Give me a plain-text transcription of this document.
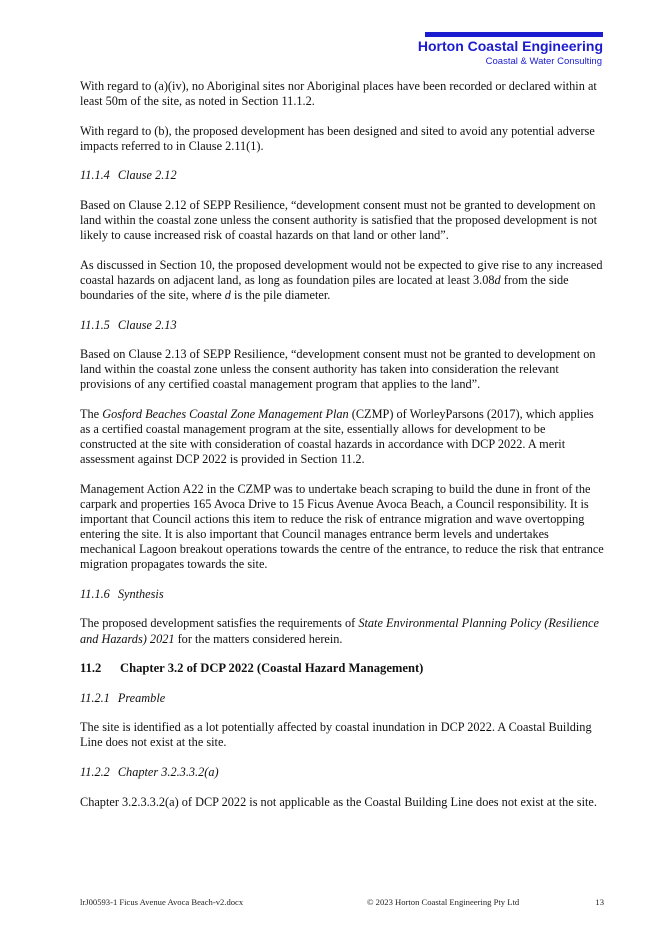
Horton Coastal Engineering
Coastal & Water Consulting

With regard to (a)(iv), no Aboriginal sites nor Aboriginal places have been recorded or declared within at least 50m of the site, as noted in Section 11.1.2.

With regard to (b), the proposed development has been designed and sited to avoid any potential adverse impacts referred to in Clause 2.11(1).

11.1.4 Clause 2.12

Based on Clause 2.12 of SEPP Resilience, “development consent must not be granted to development on land within the coastal zone unless the consent authority is satisfied that the proposed development is not likely to cause increased risk of coastal hazards on that land or other land”.

As discussed in Section 10, the proposed development would not be expected to give rise to any increased coastal hazards on adjacent land, as long as foundation piles are located at least 3.08d from the side boundaries of the site, where d is the pile diameter.

11.1.5 Clause 2.13

Based on Clause 2.13 of SEPP Resilience, “development consent must not be granted to development on land within the coastal zone unless the consent authority has taken into consideration the relevant provisions of any certified coastal management program that applies to the land”.

The Gosford Beaches Coastal Zone Management Plan (CZMP) of WorleyParsons (2017), which applies as a certified coastal management program at the site, essentially allows for development to be constructed at the site with consideration of coastal hazards in accordance with DCP 2022. A merit assessment against DCP 2022 is provided in Section 11.2.

Management Action A22 in the CZMP was to undertake beach scraping to build the dune in front of the carpark and properties 165 Avoca Drive to 15 Ficus Avenue Avoca Beach, a Council responsibility. It is important that Council actions this item to reduce the risk of entrance migration and wave overtopping entering the site. It is also important that Council manages entrance berm levels and undertakes mechanical Lagoon breakout operations towards the centre of the entrance, to reduce the risk that entrance migration propagates towards the site.

11.1.6 Synthesis

The proposed development satisfies the requirements of State Environmental Planning Policy (Resilience and Hazards) 2021 for the matters considered herein.

11.2 Chapter 3.2 of DCP 2022 (Coastal Hazard Management)
11.2.1 Preamble

The site is identified as a lot potentially affected by coastal inundation in DCP 2022. A Coastal Building Line does not exist at the site.

11.2.2 Chapter 3.2.3.3.2(a)

Chapter 3.2.3.3.2(a) of DCP 2022 is not applicable as the Coastal Building Line does not exist at the site.

lrJ00593-1 Ficus Avenue Avoca Beach-v2.docx	© 2023 Horton Coastal Engineering Pty Ltd	13
